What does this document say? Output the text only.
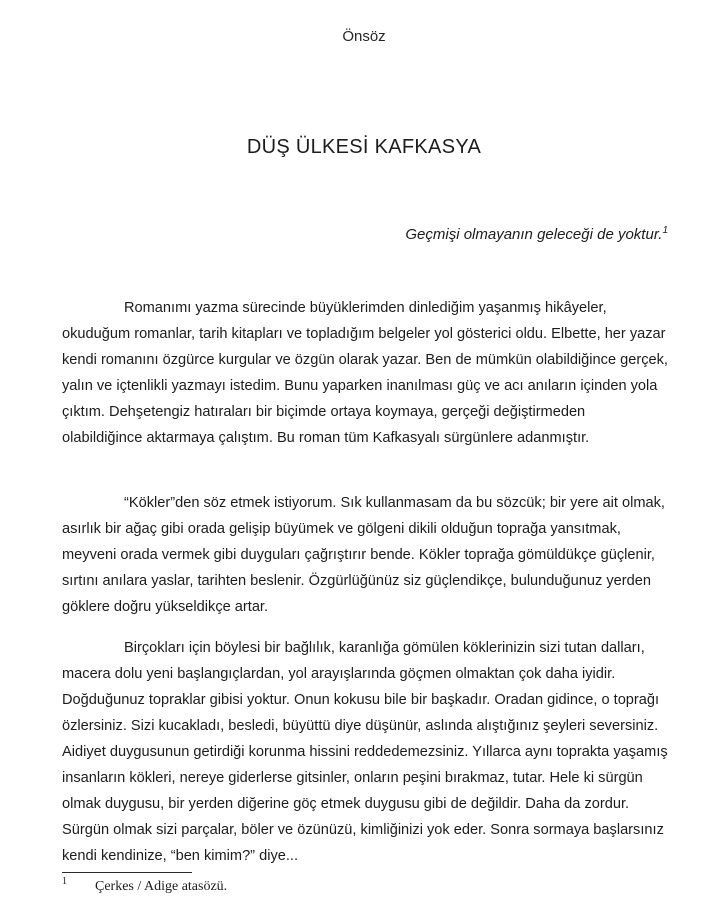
Önsöz
DÜŞ ÜLKESİ KAFKASYA
Geçmişi olmayanın geleceği de yoktur.$^1$

Romanımı yazma sürecinde büyüklerimden dinlediğim yaşanmış hikâyeler, okuduğum romanlar, tarih kitapları ve topladığım belgeler yol gösterici oldu. Elbette, her yazar kendi romanını özgürce kurgular ve özgün olarak yazar. Ben de mümkün olabildiğince gerçek, yalın ve içtenlikli yazmayı istedim. Bunu yaparken inanılması güç ve acı anıların içinden yola çıktım. Dehşetengiz hatıraları bir biçimde ortaya koymaya, gerçeği değiştirmeden olabildiğince aktarmaya çalıştım. Bu roman tüm Kafkasyalı sürgünlere adanmıştır.

“Kökler”den söz etmek istiyorum. Sık kullanmasam da bu sözcük; bir yere ait olmak, asırlık bir ağaç gibi orada gelişip büyümek ve gölgeni dikili olduğun toprağa yansıtmak, meyveni orada vermek gibi duyguları çağrıştırır bende. Kökler toprağa gömüldükçe güçlenir, sırtını anılara yaslar, tarihten beslenir. Özgürlüğünüz siz güçlendikçe, bulunduğunuz yerden göklere doğru yükseldikçe artar.

Birçokları için böylesi bir bağlılık, karanlığa gömülen köklerinizin sizi tutan dalları, macera dolu yeni başlangıçlardan, yol arayışlarında göçmen olmaktan çok daha iyidir. Doğduğunuz topraklar gibisi yoktur. Onun kokusu bile bir başkadır. Oradan gidince, o toprağı özlersiniz. Sizi kucakladı, besledi, büyüttü diye düşünür, aslında alıştığınız şeyleri seversiniz. Aidiyet duygusunun getirdiği korunma hissini reddedemezsiniz. Yıllarca aynı toprakta yaşamış insanların kökleri, nereye giderlerse gitsinler, onların peşini bırakmaz, tutar. Hele ki sürgün olmak duygusu, bir yerden diğerine göç etmek duygusu gibi de değildir. Daha da zordur. Sürgün olmak sizi parçalar, böler ve özünüzü, kimliğinizi yok eder. Sonra sormaya başlarsınız kendi kendinize, “ben kimim?” diye...

1 Çerkes / Adige atasözü.
